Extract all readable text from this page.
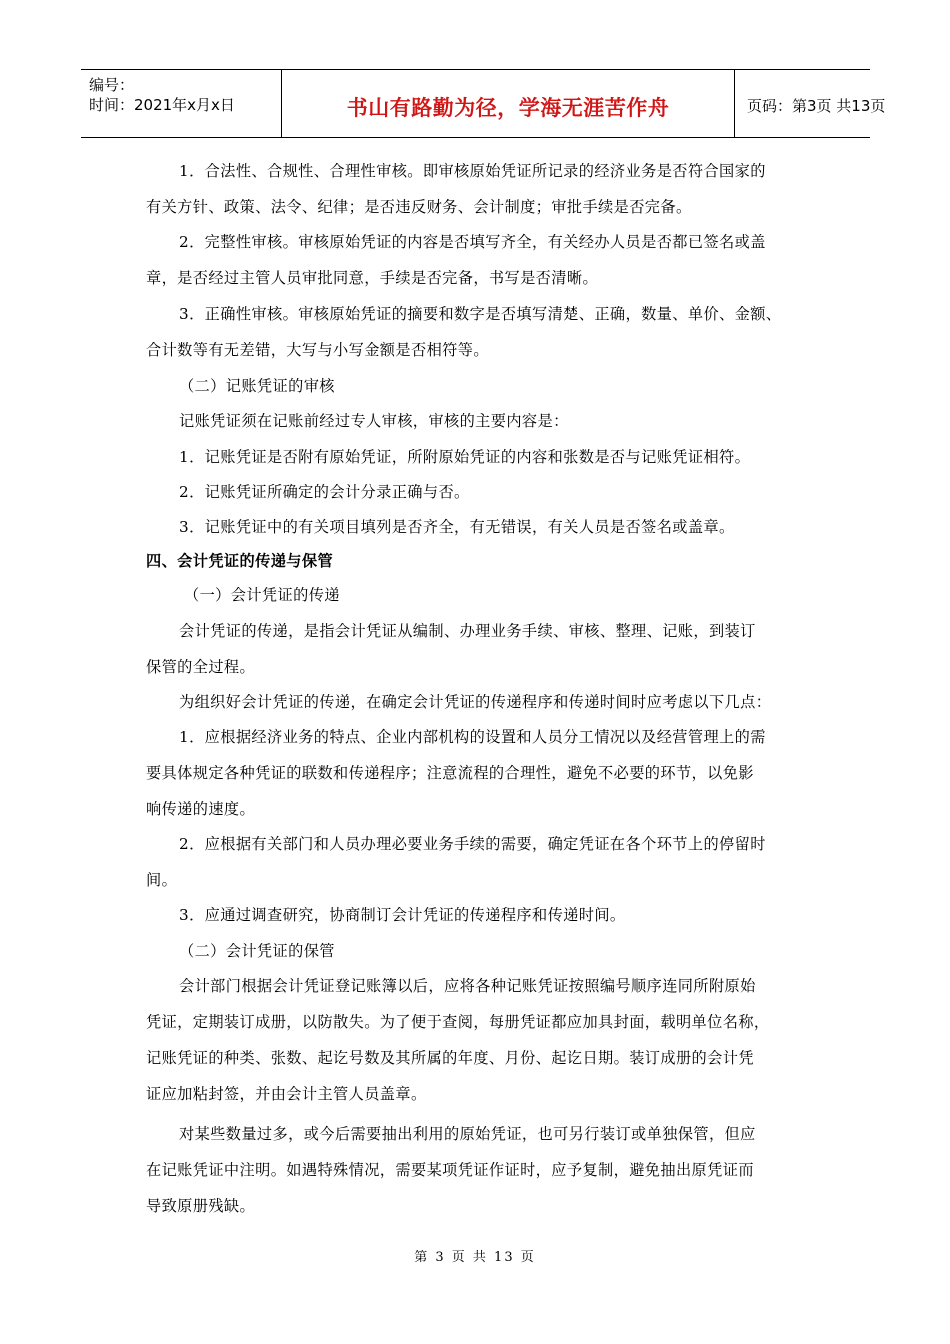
编号：
时间：2021年x月x日	书山有路勤为径，学海无涯苦作舟	页码：第3页 共13页
1．合法性、合规性、合理性审核。即审核原始凭证所记录的经济业务是否符合国家的
有关方针、政策、法令、纪律；是否违反财务、会计制度；审批手续是否完备。
2．完整性审核。审核原始凭证的内容是否填写齐全，有关经办人员是否都已签名或盖
章，是否经过主管人员审批同意，手续是否完备，书写是否清晰。
3．正确性审核。审核原始凭证的摘要和数字是否填写清楚、正确，数量、单价、金额、
合计数等有无差错，大写与小写金额是否相符等。
（二）记账凭证的审核
记账凭证须在记账前经过专人审核，审核的主要内容是：
1．记账凭证是否附有原始凭证，所附原始凭证的内容和张数是否与记账凭证相符。
2．记账凭证所确定的会计分录正确与否。
3．记账凭证中的有关项目填列是否齐全，有无错误，有关人员是否签名或盖章。
四、会计凭证的传递与保管
（一）会计凭证的传递
会计凭证的传递，是指会计凭证从编制、办理业务手续、审核、整理、记账，到装订
保管的全过程。
为组织好会计凭证的传递，在确定会计凭证的传递程序和传递时间时应考虑以下几点：
1．应根据经济业务的特点、企业内部机构的设置和人员分工情况以及经营管理上的需
要具体规定各种凭证的联数和传递程序；注意流程的合理性，避免不必要的环节，以免影
响传递的速度。
2．应根据有关部门和人员办理必要业务手续的需要，确定凭证在各个环节上的停留时
间。
3．应通过调查研究，协商制订会计凭证的传递程序和传递时间。
（二）会计凭证的保管
会计部门根据会计凭证登记账簿以后，应将各种记账凭证按照编号顺序连同所附原始
凭证，定期装订成册，以防散失。为了便于查阅，每册凭证都应加具封面，载明单位名称，
记账凭证的种类、张数、起讫号数及其所属的年度、月份、起讫日期。装订成册的会计凭
证应加粘封签，并由会计主管人员盖章。
对某些数量过多，或今后需要抽出利用的原始凭证，也可另行装订或单独保管，但应
在记账凭证中注明。如遇特殊情况，需要某项凭证作证时，应予复制，避免抽出原凭证而
导致原册残缺。
第 3 页 共 13 页
